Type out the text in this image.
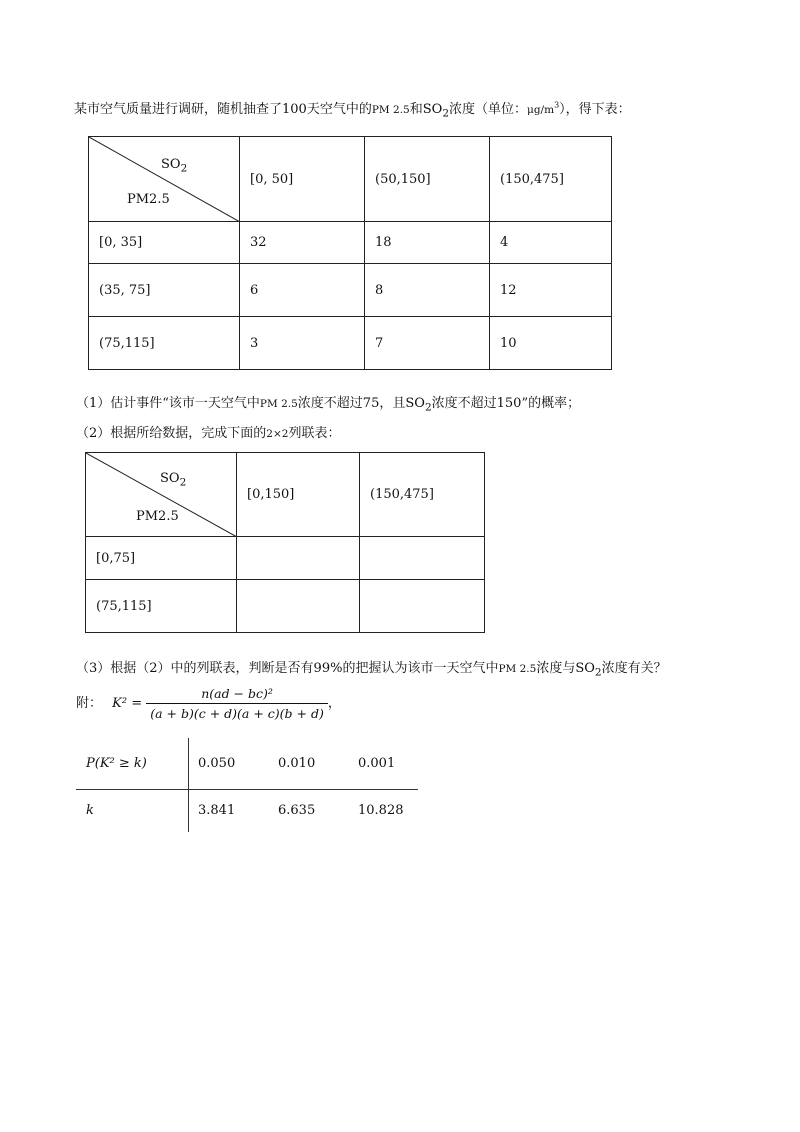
某市空气质量进行调研，随机抽查了100天空气中的PM 2.5和$SO_2$浓度（单位：$\mu g/m^3$），得下表：
$SO_2$
PM2.5	[0, 50]	(50,150]	(150,475]
[0, 35]	32	18	4
(35, 75]	6	8	12
(75,115]	3	7	10
（1）估计事件“该市一天空气中PM 2.5浓度不超过75，且$SO_2$浓度不超过150”的概率；
（2）根据所给数据，完成下面的2×2列联表：
$SO_2$
PM2.5	[0,150]	(150,475]
[0,75]		
(75,115]		
（3）根据（2）中的列联表，判断是否有99%的把握认为该市一天空气中PM 2.5浓度与$SO_2$浓度有关？
附： $K^2 = \frac{\text{n(ad − bc)²}}{(a + b)(c + d)(a + c)(b + d)}$ ，
P(K² ≥ k)	0.050	0.010	0.001
k	3.841	6.635	10.828
